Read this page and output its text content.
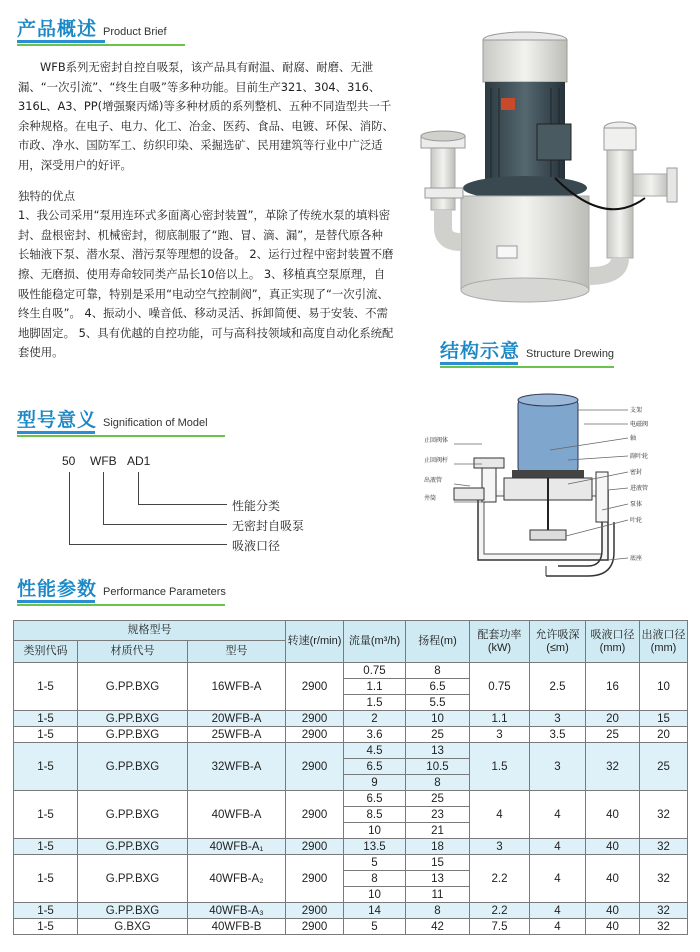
产品概述 Product Brief

WFB系列无密封自控自吸泵，该产品具有耐温、耐腐、耐磨、无泄漏、“一次引流”、“终生自吸”等多种功能。目前生产321、304、316、316L、A3、PP(增强聚丙烯)等多种材质的系列整机、五种不同造型共一千余种规格。在电子、电力、化工、冶金、医药、食品、电镀、环保、消防、市政、净水、国防军工、纺织印染、采掘选矿、民用建筑等行业中广泛适用，深受用户的好评。

独特的优点

1、我公司采用“泵用连环式多面离心密封装置”，革除了传统水泵的填料密封、盘根密封、机械密封，彻底制服了“跑、冒、滴、漏”，是替代原各种长轴液下泵、潜水泵、潜污泵等理想的设备。 2、运行过程中密封装置不磨擦、无磨损、使用寿命较同类产品长10倍以上。 3、移植真空泵原理，自吸性能稳定可靠，特别是采用“电动空气控制阀”，真正实现了“一次引流、终生自吸”。 4、振动小、噪音低、移动灵活、拆卸简便、易于安装、不需地脚固定。 5、具有优越的自控功能，可与高科技领域和高度自动化系统配套使用。	结构示意 Structure Drewing
支架
电磁阀
轴
副叶轮
密封
进液管
泵体
叶轮
底座
止回阀体
止回阀杆
出液管
井筒
型号意义 Signification of Model
50 WFB AD1
性能分类
无密封自吸泵
吸液口径
性能参数 Performance Parameters
规格型号			转速(r/min)	流量(m³/h)	扬程(m)	配套功率(kW)	允许吸深(≤m)	吸液口径(mm)	出液口径(mm)
类别代码	材质代号	型号							
1-5	G.PP.BXG	16WFB-A	2900	0.75	8	0.75	2.5	16	10
				1.1	6.5				
				1.5	5.5				
1-5	G.PP.BXG	20WFB-A	2900	2	10	1.1	3	20	15
1-5	G.PP.BXG	25WFB-A	2900	3.6	25	3	3.5	25	20
1-5	G.PP.BXG	32WFB-A	2900	4.5	13	1.5	3	32	25
				6.5	10.5				
				9	8				
1-5	G.PP.BXG	40WFB-A	2900	6.5	25	4	4	40	32
				8.5	23				
				10	21				
1-5	G.PP.BXG	40WFB-A₁	2900	13.5	18	3	4	40	32
1-5	G.PP.BXG	40WFB-A₂	2900	5	15	2.2	4	40	32
				8	13				
				10	11				
1-5	G.PP.BXG	40WFB-A₃	2900	14	8	2.2	4	40	32
1-5	G.BXG	40WFB-B	2900	5	42	7.5	4	40	32
